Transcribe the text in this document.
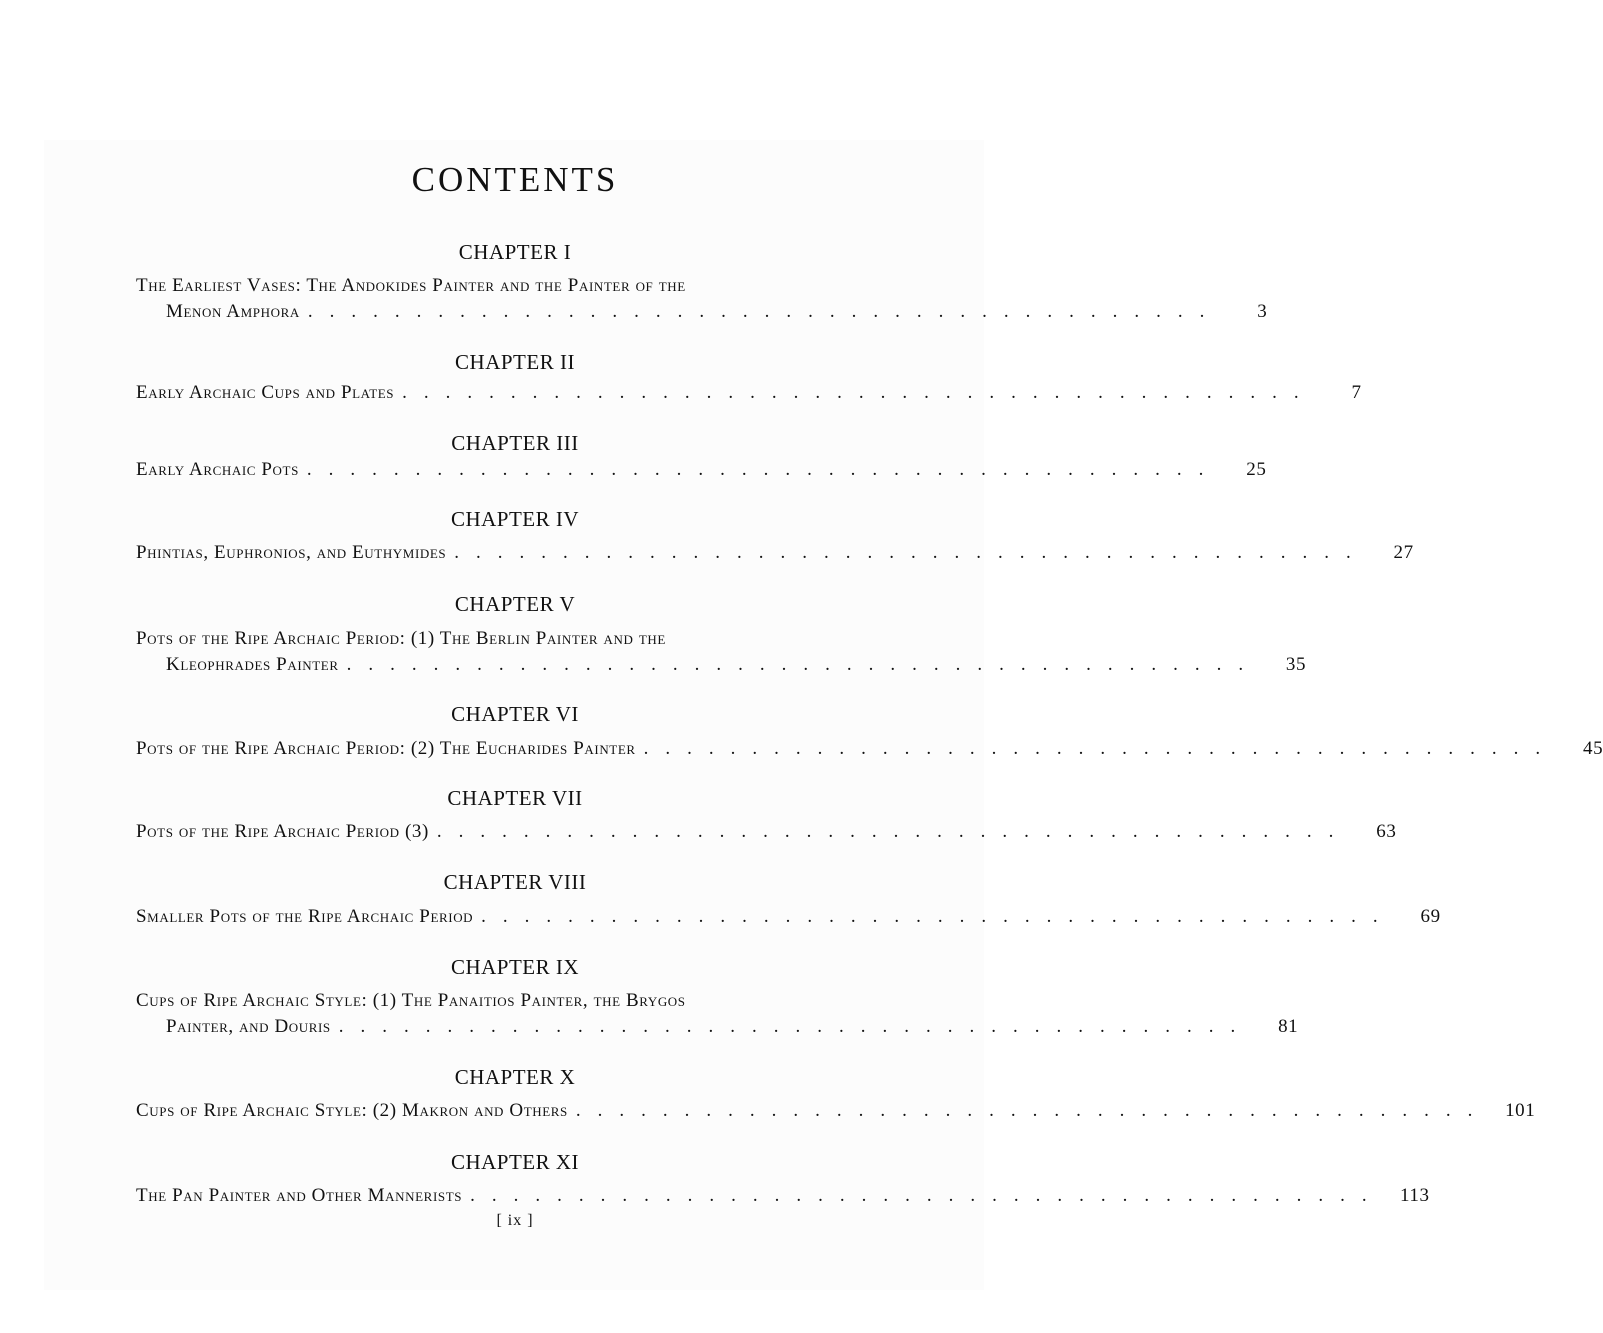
CONTENTS
CHAPTER I
The Earliest Vases: The Andokides Painter and the Painter of the
Menon Amphora ..........................................	3
CHAPTER II
Early Archaic Cups and Plates ..........................................	7
CHAPTER III
Early Archaic Pots ..........................................	25
CHAPTER IV
Phintias, Euphronios, and Euthymides ..........................................	27
CHAPTER V
Pots of the Ripe Archaic Period: (1) The Berlin Painter and the
Kleophrades Painter ..........................................	35
CHAPTER VI
Pots of the Ripe Archaic Period: (2) The Eucharides Painter ..........................................	45
CHAPTER VII
Pots of the Ripe Archaic Period (3) ..........................................	63
CHAPTER VIII
Smaller Pots of the Ripe Archaic Period ..........................................	69
CHAPTER IX
Cups of Ripe Archaic Style: (1) The Panaitios Painter, the Brygos
Painter, and Douris ..........................................	81
CHAPTER X
Cups of Ripe Archaic Style: (2) Makron and Others .......................................... 101
CHAPTER XI
The Pan Painter and Other Mannerists .......................................... 113
[ ix ]
